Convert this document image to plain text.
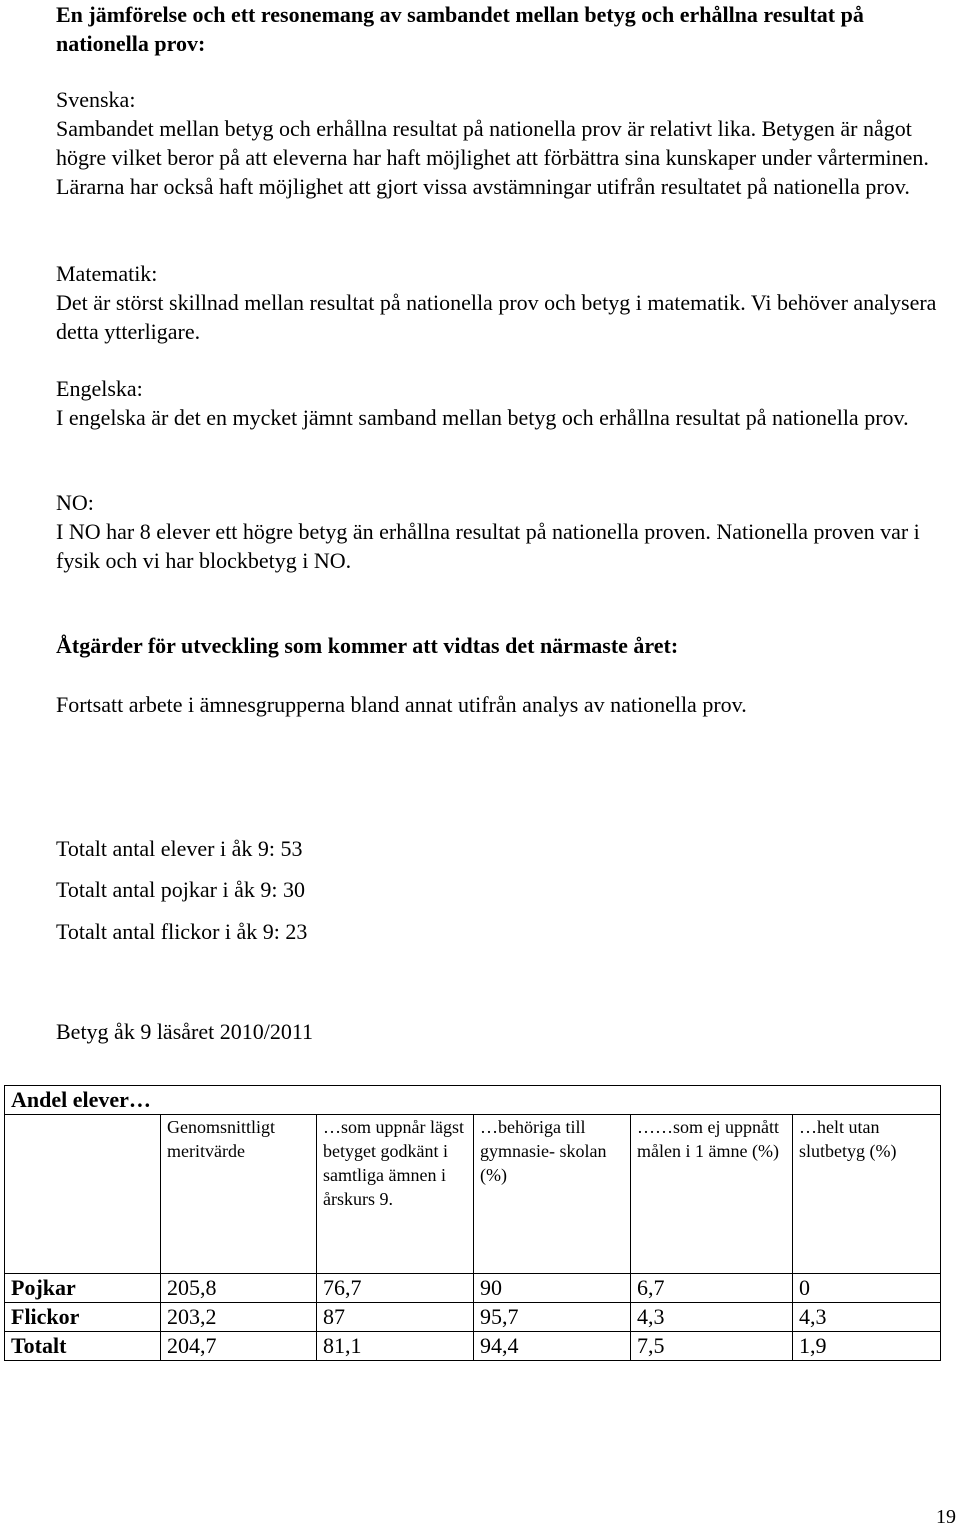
En jämförelse och ett resonemang av sambandet mellan betyg och erhållna resultat på nationella prov:

Svenska:
Sambandet mellan betyg och erhållna resultat på nationella prov är relativt lika. Betygen är något högre vilket beror på att eleverna har haft möjlighet att förbättra sina kunskaper under vårterminen. Lärarna har också haft möjlighet att gjort vissa avstämningar utifrån resultatet på nationella prov.
Matematik:
Det är störst skillnad mellan resultat på nationella prov och betyg i matematik. Vi behöver analysera detta ytterligare.
Engelska:
I engelska är det en mycket jämnt samband mellan betyg och erhållna resultat på nationella prov.
NO:
I NO har 8 elever ett högre betyg än erhållna resultat på nationella proven. Nationella proven var i fysik och vi har blockbetyg i NO.

Åtgärder för utveckling som kommer att vidtas det närmaste året:

Fortsatt arbete i ämnesgrupperna bland annat utifrån analys av nationella prov.

Totalt antal elever i åk 9: 53

Totalt antal pojkar i åk 9: 30

Totalt antal flickor i åk 9: 23

Betyg åk 9 läsåret 2010/2011

Andel elever…					
	Genomsnittligt meritvärde	…som uppnår lägst betyget godkänt i samtliga ämnen i årskurs 9.	…behöriga till gymnasie- skolan (%)	……som ej uppnått målen i 1 ämne (%)	…helt utan slutbetyg (%)
Pojkar	205,8	76,7	90	6,7	0
Flickor	203,2	87	95,7	4,3	4,3
Totalt	204,7	81,1	94,4	7,5	1,9
19
